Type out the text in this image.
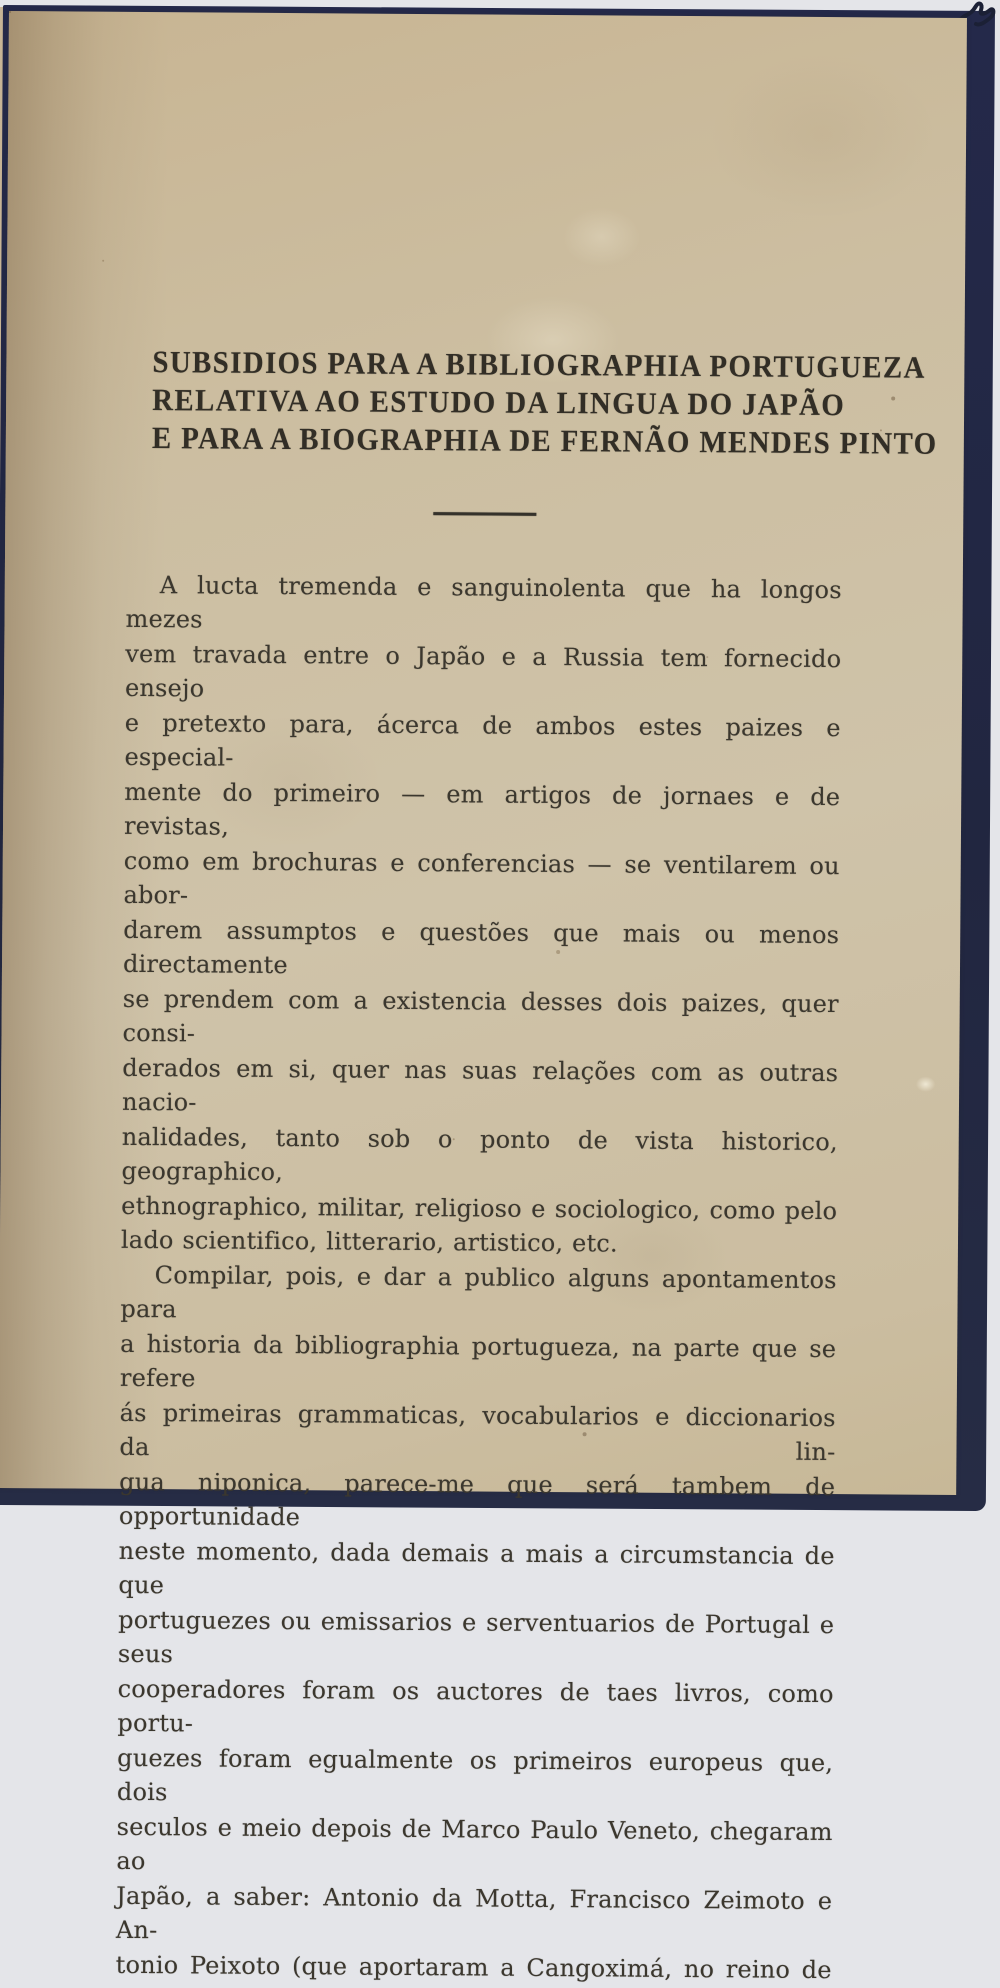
SUBSIDIOS PARA A BIBLIOGRAPHIA PORTUGUEZA
RELATIVA AO ESTUDO DA LINGUA DO JAPÃO
E PARA A BIOGRAPHIA DE FERNÃO MENDES PINTO
A lucta tremenda e sanguinolenta que ha longos mezes
vem travada entre o Japão e a Russia tem fornecido ensejo
e pretexto para, ácerca de ambos estes paizes e especial-
mente do primeiro — em artigos de jornaes e de revistas,
como em brochuras e conferencias — se ventilarem ou abor-
darem assumptos e questões que mais ou menos directamente
se prendem com a existencia desses dois paizes, quer consi-
derados em si, quer nas suas relações com as outras nacio-
nalidades, tanto sob o ponto de vista historico, geographico,
ethnographico, militar, religioso e sociologico, como pelo
lado scientifico, litterario, artistico, etc.
Compilar, pois, e dar a publico alguns apontamentos para
a historia da bibliographia portugueza, na parte que se refere
ás primeiras grammaticas, vocabularios e diccionarios da lin-
gua niponica, parece-me que será tambem de opportunidade
neste momento, dada demais a mais a circumstancia de que
portuguezes ou emissarios e serventuarios de Portugal e seus
cooperadores foram os auctores de taes livros, como portu-
guezes foram egualmente os primeiros europeus que, dois
seculos e meio depois de Marco Paulo Veneto, chegaram ao
Japão, a saber: Antonio da Motta, Francisco Zeimoto e An-
tonio Peixoto (que aportaram a Cangoximá, no reino de
